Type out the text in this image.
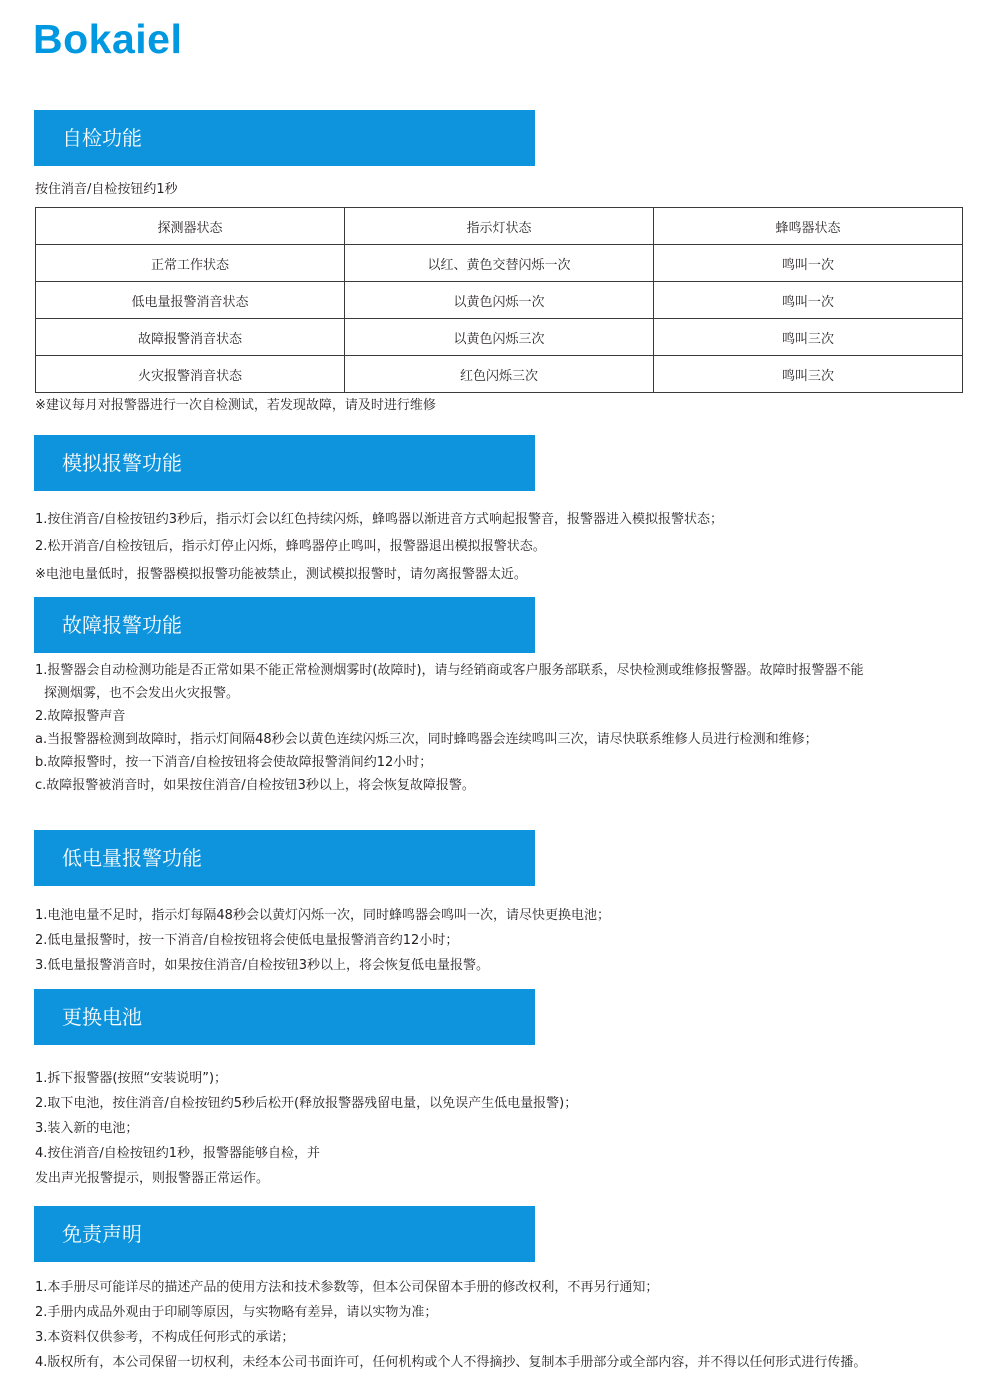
Bokaiel
自检功能
按住消音/自检按钮约1秒
探测器状态	指示灯状态	蜂鸣器状态
正常工作状态	以红、黄色交替闪烁一次	鸣叫一次
低电量报警消音状态	以黄色闪烁一次	鸣叫一次
故障报警消音状态	以黄色闪烁三次	鸣叫三次
火灾报警消音状态	红色闪烁三次	鸣叫三次
※建议每月对报警器进行一次自检测试，若发现故障，请及时进行维修
模拟报警功能
1.按住消音/自检按钮约3秒后，指示灯会以红色持续闪烁，蜂鸣器以渐进音方式响起报警音，报警器进入模拟报警状态；
2.松开消音/自检按钮后，指示灯停止闪烁，蜂鸣器停止鸣叫，报警器退出模拟报警状态。
※电池电量低时，报警器模拟报警功能被禁止，测试模拟报警时，请勿离报警器太近。
故障报警功能
1.报警器会自动检测功能是否正常如果不能正常检测烟雾时(故障时)，请与经销商或客户服务部联系，尽快检测或维修报警器。故障时报警器不能
探测烟雾，也不会发出火灾报警。
2.故障报警声音
a.当报警器检测到故障时，指示灯间隔48秒会以黄色连续闪烁三次，同时蜂鸣器会连续鸣叫三次，请尽快联系维修人员进行检测和维修；
b.故障报警时，按一下消音/自检按钮将会使故障报警消间约12小时；
c.故障报警被消音时，如果按住消音/自检按钮3秒以上，将会恢复故障报警。
低电量报警功能
1.电池电量不足时，指示灯每隔48秒会以黄灯闪烁一次，同时蜂鸣器会鸣叫一次，请尽快更换电池；
2.低电量报警时，按一下消音/自检按钮将会使低电量报警消音约12小时；
3.低电量报警消音时，如果按住消音/自检按钮3秒以上，将会恢复低电量报警。
更换电池
1.拆下报警器(按照“安装说明”)；
2.取下电池，按住消音/自检按钮约5秒后松开(释放报警器残留电量，以免误产生低电量报警)；
3.装入新的电池；
4.按住消音/自检按钮约1秒，报警器能够自检，并
发出声光报警提示，则报警器正常运作。
免责声明
1.本手册尽可能详尽的描述产品的使用方法和技术参数等，但本公司保留本手册的修改权利，不再另行通知；
2.手册内成品外观由于印刷等原因，与实物略有差异，请以实物为准；
3.本资料仅供参考，不构成任何形式的承诺；
4.版权所有，本公司保留一切权利，未经本公司书面许可，任何机构或个人不得摘抄、复制本手册部分或全部内容，并不得以任何形式进行传播。
